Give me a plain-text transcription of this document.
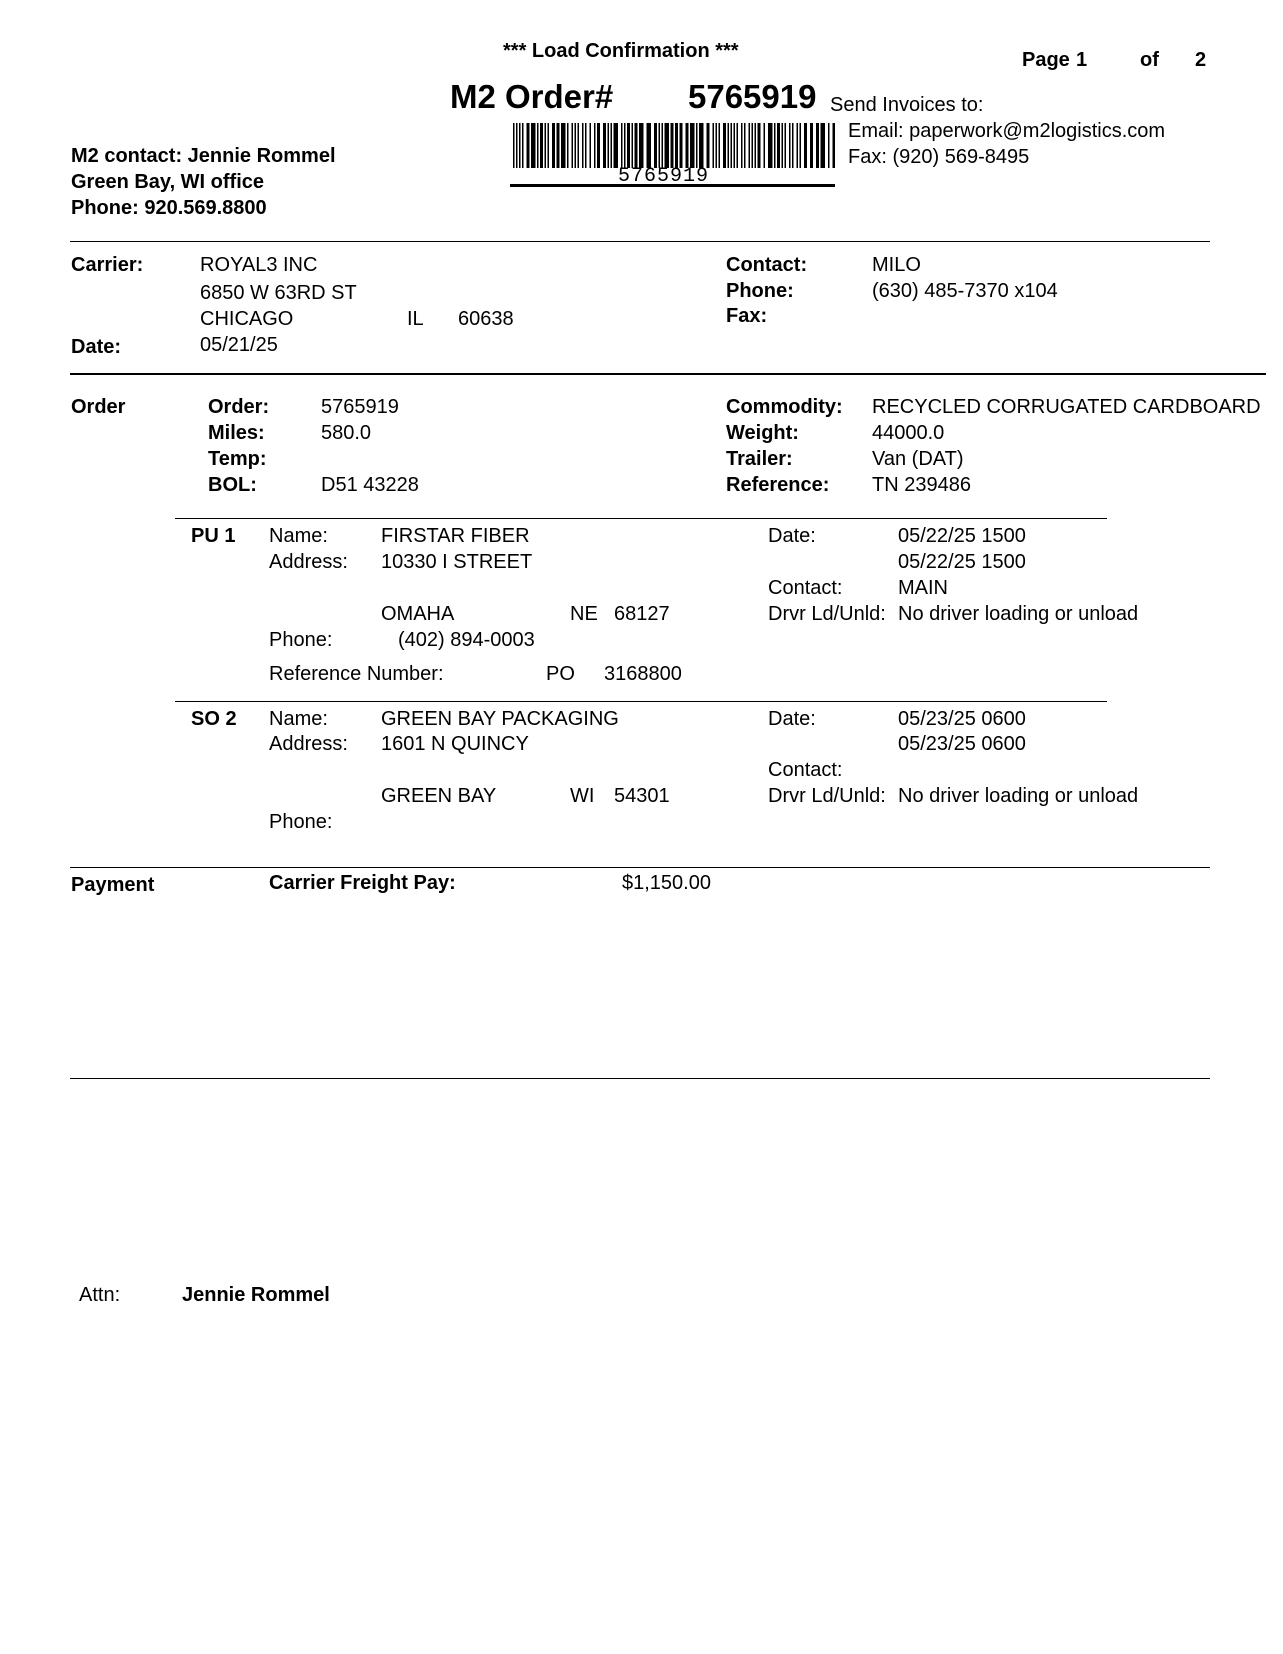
*** Load Confirmation ***	Page 1	of 2
M2 Order# 5765919 Send Invoices to:
Email: paperwork@m2logistics.com
Fax: (920) 569-8495
5765919
M2 contact: Jennie Rommel
Green Bay, WI office
Phone: 920.569.8800
Carrier:	ROYAL3 INC
6850 W 63RD ST
CHICAGO	IL 60638
Date:	05/21/25
Contact:	MILO
Phone:	(630) 485-7370 x104
Fax:
Order	Order:	5765919
Miles:	580.0
Temp:
BOL:	D51 43228
Commodity: RECYCLED CORRUGATED CARDBOARD
Weight:	44000.0
Trailer:	Van (DAT)
Reference: TN 239486
PU 1 Name:	FIRSTAR FIBER
Address: 10330 I STREET
OMAHA	NE 68127
Phone:	(402) 894-0003
Reference Number:	PO 3168800
Date:	05/22/25 1500
05/22/25 1500
Contact:	MAIN
Drvr Ld/Unld: No driver loading or unload
SO 2 Name:	GREEN BAY PACKAGING
Address: 1601 N QUINCY
GREEN BAY	WI 54301
Phone:
Date:	05/23/25 0600
05/23/25 0600
Contact:
Drvr Ld/Unld: No driver loading or unload
Payment	Carrier Freight Pay:	$1,150.00
Attn:	Jennie Rommel
